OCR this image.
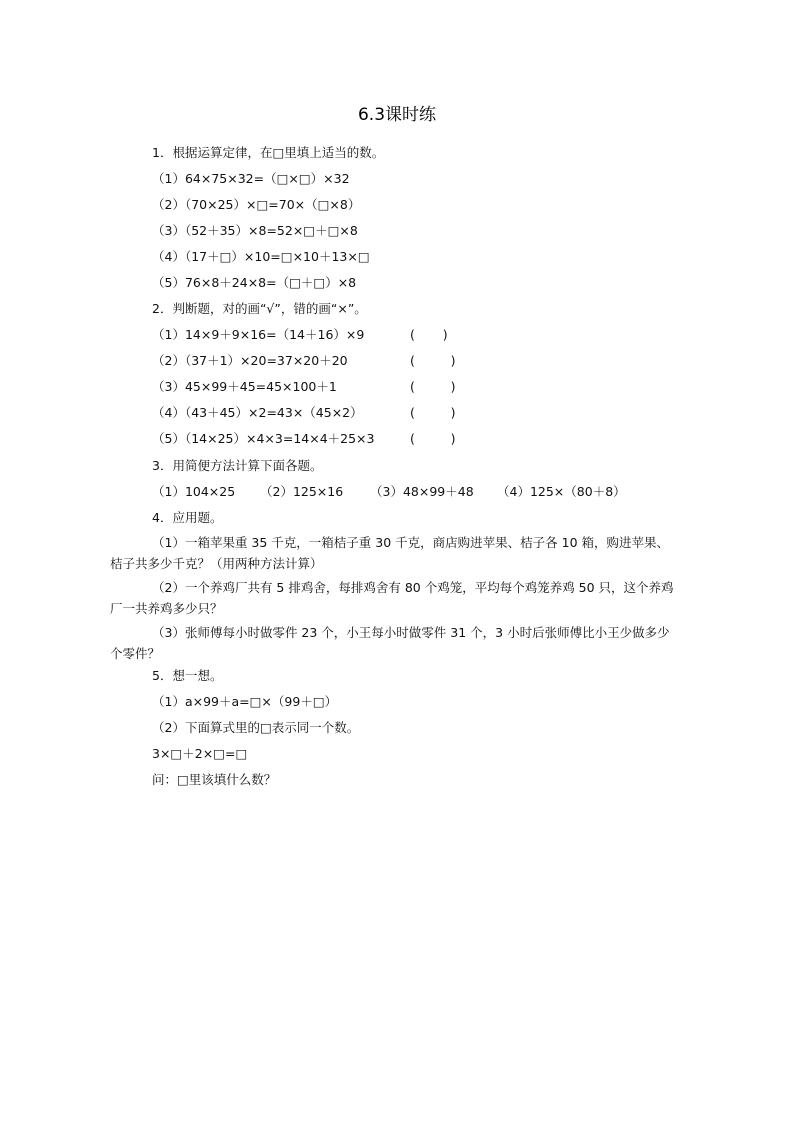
6.3课时练
1．根据运算定律，在□里填上适当的数。
（1）64×75×32=（□×□）×32
（2）（70×25）×□=70×（□×8）
（3）（52＋35）×8=52×□＋□×8
（4）（17＋□）×10=□×10＋13×□
（5）76×8＋24×8=（□＋□）×8
2．判断题，对的画“√”，错的画“×”。
（1）14×9＋9×16=（14＋16）×9	(       )
（2）（37＋1）×20=37×20＋20	(         )
（3）45×99＋45=45×100＋1	(         )
（4）（43＋45）×2=43×（45×2）	(         )
（5）（14×25）×4×3=14×4＋25×3	(         )
3．用简便方法计算下面各题。
（1）104×25 （2）125×16 （3）48×99＋48 （4）125×（80＋8）
4．应用题。
（1）一箱苹果重 35 千克，一箱桔子重 30 千克，商店购进苹果、桔子各 10 箱，购进苹果、桔子共多少千克？（用两种方法计算）
（2）一个养鸡厂共有 5 排鸡舍，每排鸡舍有 80 个鸡笼，平均每个鸡笼养鸡 50 只，这个养鸡厂一共养鸡多少只？
（3）张师傅每小时做零件 23 个，小王每小时做零件 31 个，3 小时后张师傅比小王少做多少个零件？
5．想一想。
（1）a×99＋a=□×（99＋□）
（2）下面算式里的□表示同一个数。
3×□＋2×□=□
问：□里该填什么数？
